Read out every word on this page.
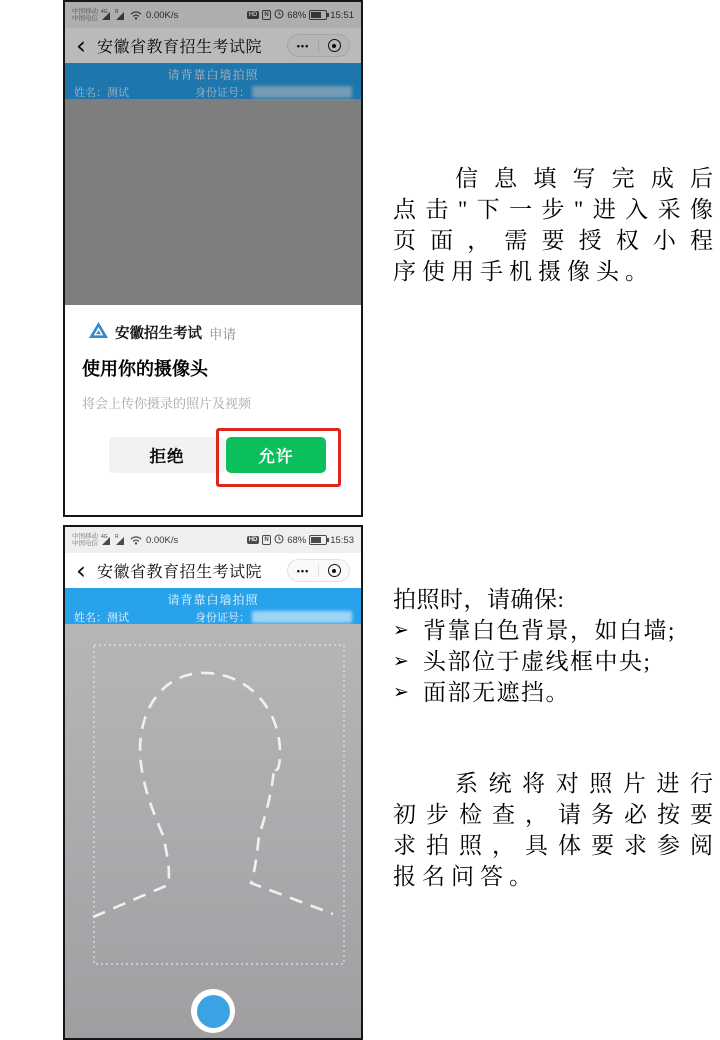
中国移动
中国电信
4G R	0.00K/s	HD	N 68%	15:51
‹ 安徽省教育招生考试院	•••
请背靠白墙拍照
姓名：测试	身份证号：
安徽招生考试 申请
使用你的摄像头
将会上传你摄录的照片及视频
拒绝	允许
中国移动
中国电信
4G R	0.00K/s	HD	N 68%	15:53
‹ 安徽省教育招生考试院	•••
请背靠白墙拍照
姓名：测试	身份证号：
信息填写完成后
点击"下一步"进入采像
页面，需要授权小程
序使用手机摄像头。
拍照时，请确保:
➢ 背靠白色背景，如白墙;
➢ 头部位于虚线框中央;
➢ 面部无遮挡。
系统将对照片进行
初步检查，请务必按要
求拍照，具体要求参阅
报名问答。
